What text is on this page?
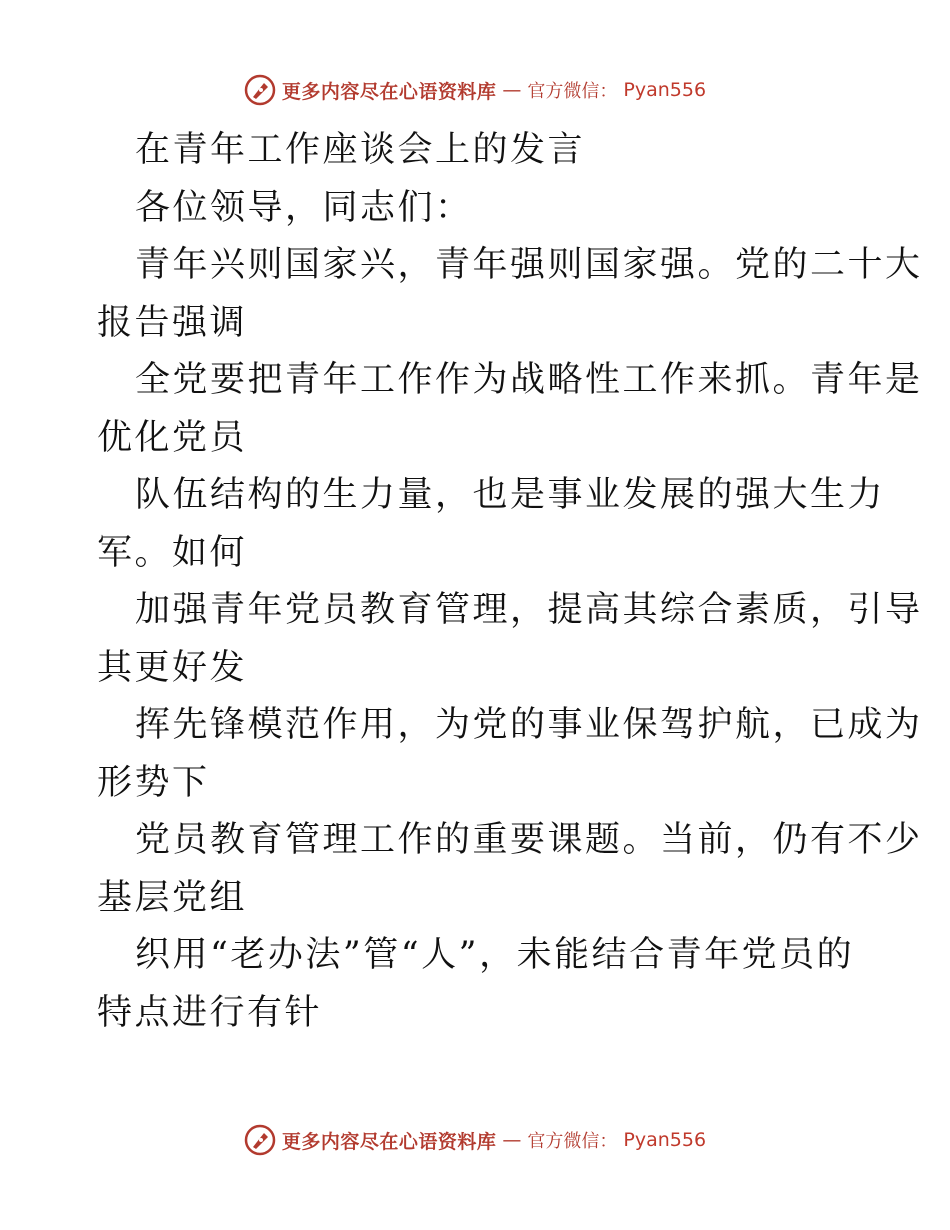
更多内容尽在心语资料库 — 官方微信： Pyan556
在青年工作座谈会上的发言
各位领导，同志们：
青年兴则国家兴，青年强则国家强。党的二十大
报告强调
全党要把青年工作作为战略性工作来抓。青年是
优化党员
队伍结构的生力量，也是事业发展的强大生力
军。如何
加强青年党员教育管理，提高其综合素质，引导
其更好发
挥先锋模范作用，为党的事业保驾护航，已成为
形势下
党员教育管理工作的重要课题。当前，仍有不少
基层党组
织用“老办法”管“人”，未能结合青年党员的
特点进行有针
更多内容尽在心语资料库 — 官方微信： Pyan556
